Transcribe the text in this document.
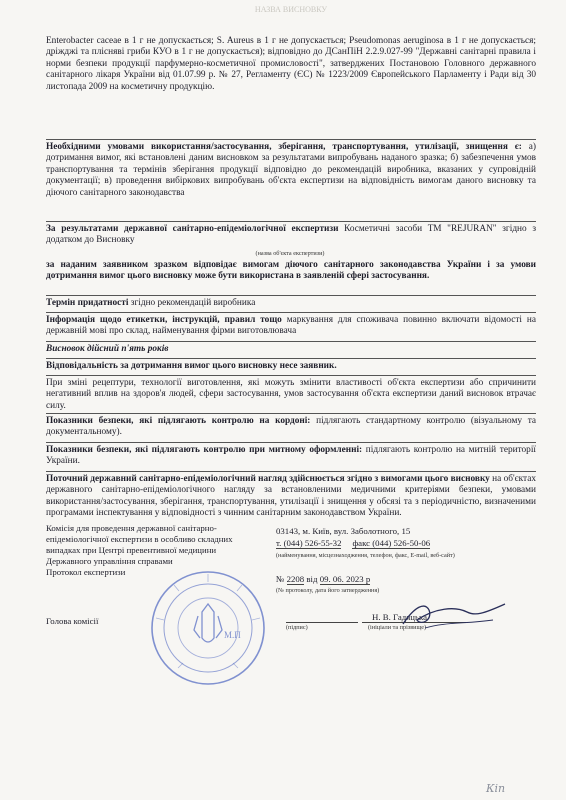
НАЗВА ВИСНОВКУ
Enterobacter caceae в 1 г не допускається; S. Aureus в 1 г не допускається; Pseudomonas aeruginosa в 1 г не допускається; дріжджі та плісняві гриби КУО в 1 г не допускається); відповідно до ДСанПіН 2.2.9.027-99 "Державні санітарні правила і норми безпеки продукції парфумерно-косметичної промисловості", затверджених Постановою Головного державного санітарного лікаря України від 01.07.99 р. № 27, Регламенту (ЄС) № 1223/2009 Європейського Парламенту і Ради від 30 листопада 2009 на косметичну продукцію.
Необхідними умовами використання/застосування, зберігання, транспортування, утилізації, знищення є: а) дотримання вимог, які встановлені даним висновком за результатами випробувань наданого зразка; б) забезпечення умов транспортування та термінів зберігання продукції відповідно до рекомендацій виробника, вказаних у супровідній документації; в) проведення вибіркових випробувань об'єкта експертизи на відповідність вимогам даного висновку та діючого санітарного законодавства
За результатами державної санітарно-епідеміологічної експертизи Косметичні засоби ТМ "REJURAN" згідно з додатком до Висновку
(назва об'єкта експертизи)
за наданим заявником зразком відповідає вимогам діючого санітарного законодавства України і за умови дотримання вимог цього висновку може бути використана в заявленій сфері застосування.
Термін придатності згідно рекомендацій виробника
Інформація щодо етикетки, інструкцій, правил тощо маркування для споживача повинно включати відомості на державній мові про склад, найменування фірми виготовлювача
Висновок дійсний п'ять років
Відповідальність за дотримання вимог цього висновку несе заявник.
При зміні рецептури, технології виготовлення, які можуть змінити властивості об'єкта експертизи або спричинити негативний вплив на здоров'я людей, сфери застосування, умов застосування об'єкта експертизи даний висновок втрачає силу.
Показники безпеки, які підлягають контролю на кордоні: підлягають стандартному контролю (візуальному та документальному).
Показники безпеки, які підлягають контролю при митному оформленні: підлягають контролю на митній території України.
Поточний державний санітарно-епідеміологічний нагляд здійснюється згідно з вимогами цього висновку на об'єктах державного санітарно-епідеміологічного нагляду за встановленими медичними критеріями безпеки, умовами використання/застосування, зберігання, транспортування, утилізації і знищення у обсязі та з періодичністю, визначеними програмами інспектування у відповідності з чинним санітарним законодавством України.
Комісія для проведення державної санітарно-
епідеміологічної експертизи в особливо складних
випадках при Центрі превентивної медицини
Державного управління справами
Протокол експертизи
03143, м. Київ, вул. Заболотного, 15
т. (044) 526-55-32 факс (044) 526-50-06
(найменування, місцезнаходження, телефон, факс, E-mail, веб-сайт)
№ 2208 від 09. 06. 2023 р
(№ протоколу, дата його затвердження)
Голова комісії	Н. В. Гадяцька
(підпис)	(ініціали та прізвище)
М.П
Кіп
